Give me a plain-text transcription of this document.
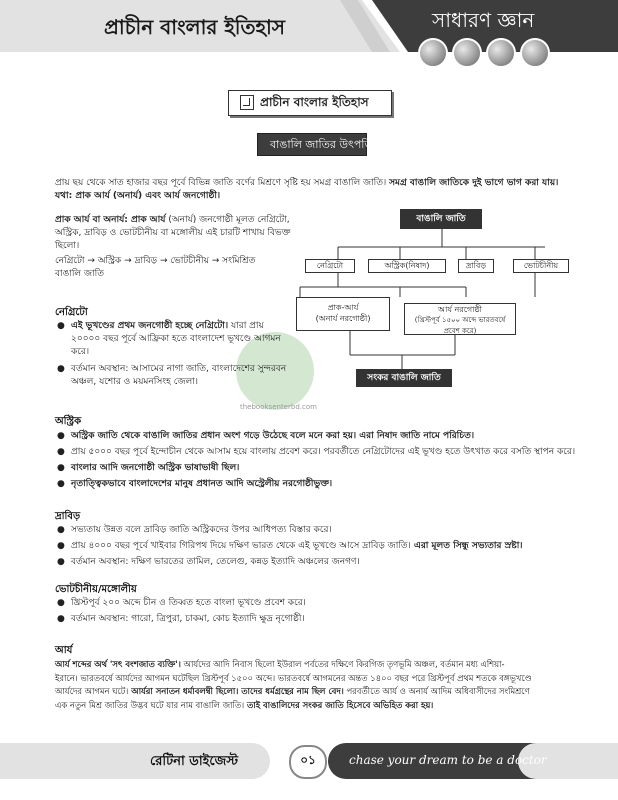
প্রাচীন বাংলার ইতিহাস	সাধারণ জ্ঞান
প্রাচীন বাংলার ইতিহাস
বাঙালি জাতির উৎপত্তি
প্রায় ছয় থেকে সাত হাজার বছর পূর্বে বিভিন্ন জাতি বর্ণের মিশ্রণে সৃষ্টি হয় সমগ্র বাঙালি জাতি। সমগ্র বাঙালি জাতিকে দুই ভাগে ভাগ করা যায়। যথা: প্রাক আর্য (অনার্য) এবং আর্য জনগোষ্ঠী।
প্রাক আর্য বা অনার্য: প্রাক আর্য (অনার্য) জনগোষ্ঠী মূলত নেগ্রিটো,
অস্ট্রিক, দ্রাবিড় ও ভোটচীনীয় বা মঙ্গোলীয় এই চারটি শাখায় বিভক্ত
ছিলো।
নেগ্রিটো → অস্ট্রিক → দ্রাবিড় → ভোটচীনীয় → সংমিশ্রিত
বাঙালি জাতি
বাঙালি জাতি
নেগ্রিটো	অস্ট্রিক(নিষাদ)	দ্রাবিড়	ভোটচীনীয়
প্রাক-আর্য
(অনার্য নরগোষ্ঠী)
আর্য নরগোষ্ঠী
(খ্রিস্টপূর্ব ১৫০০ অব্দে ভারতবর্ষে
প্রবেশ করে)
সংকর বাঙালি জাতি
thebooksenterbd.com
নেগ্রিটো
● এই ভূখণ্ডের প্রথম জনগোষ্ঠী হচ্ছে নেগ্রিটো। যারা প্রায়
২০০০০ বছর পূর্বে আফ্রিকা হতে বাংলাদেশ ভূখণ্ডে আগমন
করে।
● বর্তমান অবস্থান: আসামের নাগা জাতি, বাংলাদেশের সুন্দরবন
অঞ্চল, যশোর ও ময়মনসিংহ জেলা।
অস্ট্রিক
● অস্ট্রিক জাতি থেকে বাঙালি জাতির প্রধান অংশ গড়ে উঠেছে বলে মনে করা হয়। এরা নিষাদ জাতি নামে পরিচিত।
● প্রায় ৫০০০ বছর পূর্বে ইন্দোচীন থেকে আসাম হয়ে বাংলায় প্রবেশ করে। পরবর্তীতে নেগ্রিটোদের এই ভূখণ্ড হতে উৎখাত করে বসতি স্থাপন করে।
● বাংলার আদি জনগোষ্ঠী অস্ট্রিক ভাষাভাষী ছিল।
● নৃতাত্ত্বিকভাবে বাংলাদেশের মানুষ প্রধানত আদি অস্ট্রেলীয় নরগোষ্ঠীভুক্ত।
দ্রাবিড়
● সভ্যতায় উন্নত বলে দ্রাবিড় জাতি অস্ট্রিকদের উপর আধিপত্য বিস্তার করে।
● প্রায় ৪০০০ বছর পূর্বে খাইবার গিরিপথ দিয়ে দক্ষিণ ভারত থেকে এই ভূখণ্ডে আসে দ্রাবিড় জাতি। এরা মূলত সিন্ধু সভ্যতার স্রষ্টা।
● বর্তমান অবস্থান: দক্ষিণ ভারতের তামিল, তেলেগু, কন্নড় ইত্যাদি অঞ্চলের জনগণ।
ভোটচীনীয়/মঙ্গোলীয়
● খ্রিস্টপূর্ব ২০০ অব্দে চীন ও তিব্বত হতে বাংলা ভূখণ্ডে প্রবেশ করে।
● বর্তমান অবস্থান: গারো, ত্রিপুরা, চাকমা, কোচ ইত্যাদি ক্ষুদ্র নৃগোষ্ঠী।
আর্য
আর্য শব্দের অর্থ 'সৎ বংশজাত ব্যক্তি'। আর্যদের আদি নিবাস ছিলো ইউরাল পর্বতের দক্ষিণে কিরগিজ তৃণভূমি অঞ্চল, বর্তমান মধ্য এশিয়া-
ইরানে। ভারতবর্ষে আর্যদের আগমন ঘটেছিল খ্রিস্টপূর্ব ১৫০০ অব্দে। ভারতবর্ষে আগমনের অন্তত ১৪০০ বছর পরে খ্রিস্টপূর্ব প্রথম শতকে বঙ্গভূখণ্ডে
আর্যদের আগমন ঘটে। আর্যরা সনাতন ধর্মাবলম্বী ছিলো। তাদের ধর্মগ্রন্থের নাম ছিল বেদ। পরবর্তীতে আর্য ও অনার্য আদিম অধিবাসীদের সংমিশ্রণে
এক নতুন মিশ্র জাতির উদ্ভব ঘটে যার নাম বাঙালি জাতি। তাই বাঙালিদের সংকর জাতি হিসেবে অভিহিত করা হয়।
রেটিনা ডাইজেস্ট	০১	chase your dream to be a doctor
